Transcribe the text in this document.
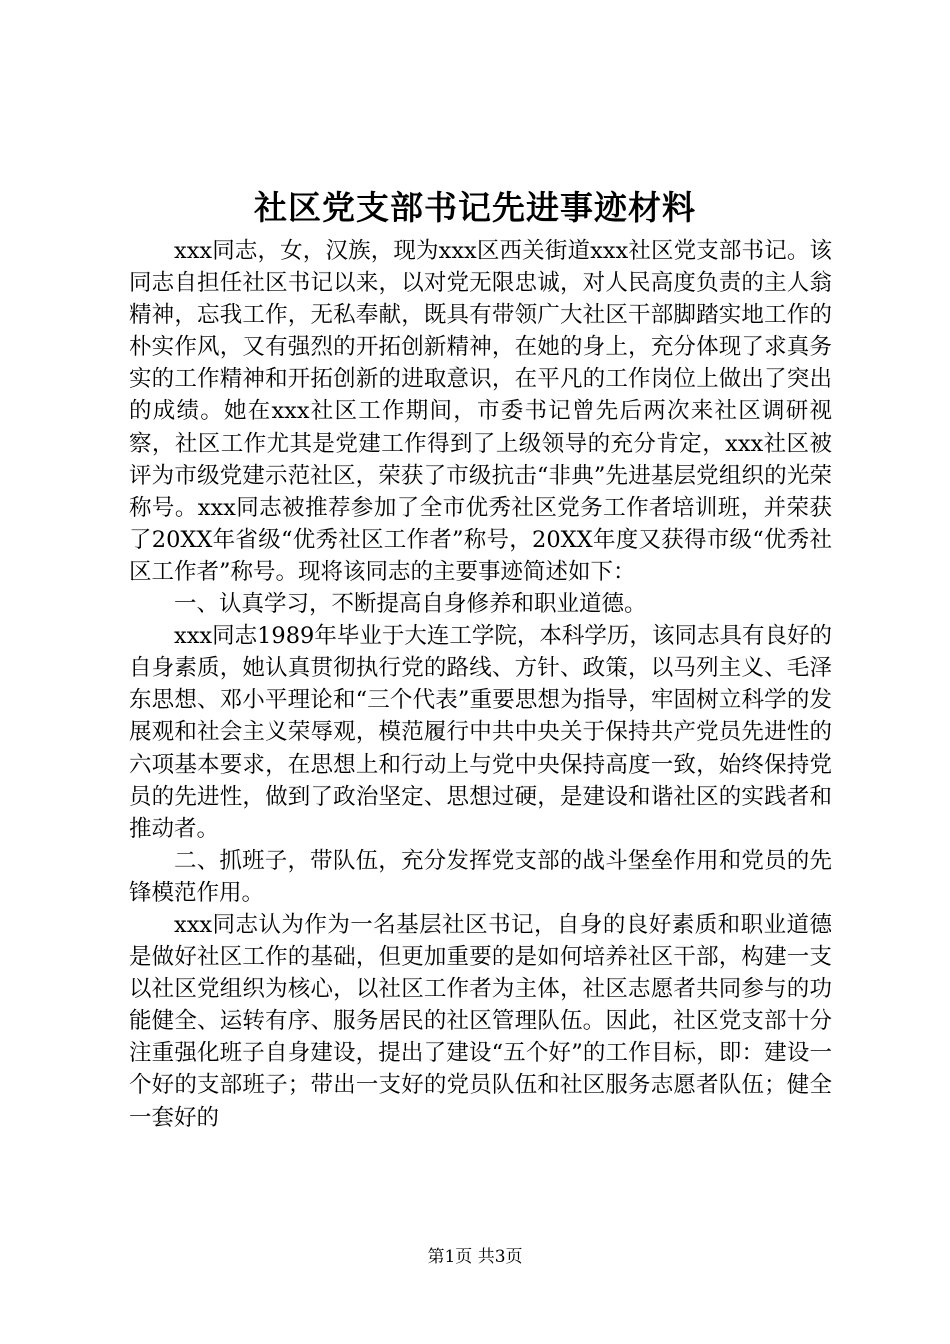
社区党支部书记先进事迹材料

xxx同志，女，汉族，现为xxx区西关街道xxx社区党支部书记。该同志自担任社区书记以来，以对党无限忠诚，对人民高度负责的主人翁精神，忘我工作，无私奉献，既具有带领广大社区干部脚踏实地工作的朴实作风，又有强烈的开拓创新精神，在她的身上，充分体现了求真务实的工作精神和开拓创新的进取意识，在平凡的工作岗位上做出了突出的成绩。她在xxx社区工作期间，市委书记曾先后两次来社区调研视察，社区工作尤其是党建工作得到了上级领导的充分肯定，xxx社区被评为市级党建示范社区，荣获了市级抗击“非典”先进基层党组织的光荣称号。xxx同志被推荐参加了全市优秀社区党务工作者培训班，并荣获了20XX年省级“优秀社区工作者”称号，20XX年度又获得市级“优秀社区工作者”称号。现将该同志的主要事迹简述如下：

一、认真学习，不断提高自身修养和职业道德。

xxx同志1989年毕业于大连工学院，本科学历，该同志具有良好的自身素质，她认真贯彻执行党的路线、方针、政策，以马列主义、毛泽东思想、邓小平理论和“三个代表”重要思想为指导，牢固树立科学的发展观和社会主义荣辱观，模范履行中共中央关于保持共产党员先进性的六项基本要求，在思想上和行动上与党中央保持高度一致，始终保持党员的先进性，做到了政治坚定、思想过硬，是建设和谐社区的实践者和推动者。

二、抓班子，带队伍，充分发挥党支部的战斗堡垒作用和党员的先锋模范作用。

xxx同志认为作为一名基层社区书记，自身的良好素质和职业道德是做好社区工作的基础，但更加重要的是如何培养社区干部，构建一支以社区党组织为核心，以社区工作者为主体，社区志愿者共同参与的功能健全、运转有序、服务居民的社区管理队伍。因此，社区党支部十分注重强化班子自身建设，提出了建设“五个好”的工作目标，即：建设一个好的支部班子；带出一支好的党员队伍和社区服务志愿者队伍；健全一套好的

第1页 共3页
